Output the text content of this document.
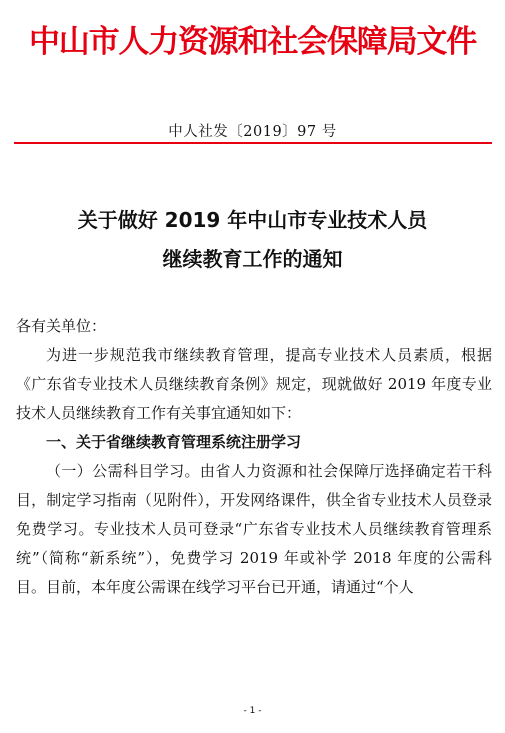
中山市人力资源和社会保障局文件
中人社发〔2019〕97 号
关于做好 2019 年中山市专业技术人员
继续教育工作的通知

各有关单位：

为进一步规范我市继续教育管理，提高专业技术人员素质，根据《广东省专业技术人员继续教育条例》规定，现就做好 2019 年度专业技术人员继续教育工作有关事宜通知如下：

一、关于省继续教育管理系统注册学习

（一）公需科目学习。由省人力资源和社会保障厅选择确定若干科目，制定学习指南（见附件），开发网络课件，供全省专业技术人员登录免费学习。专业技术人员可登录“广东省专业技术人员继续教育管理系统”（简称“新系统”），免费学习 2019 年或补学 2018 年度的公需科目。目前，本年度公需课在线学习平台已开通，请通过“个人

- 1 -
